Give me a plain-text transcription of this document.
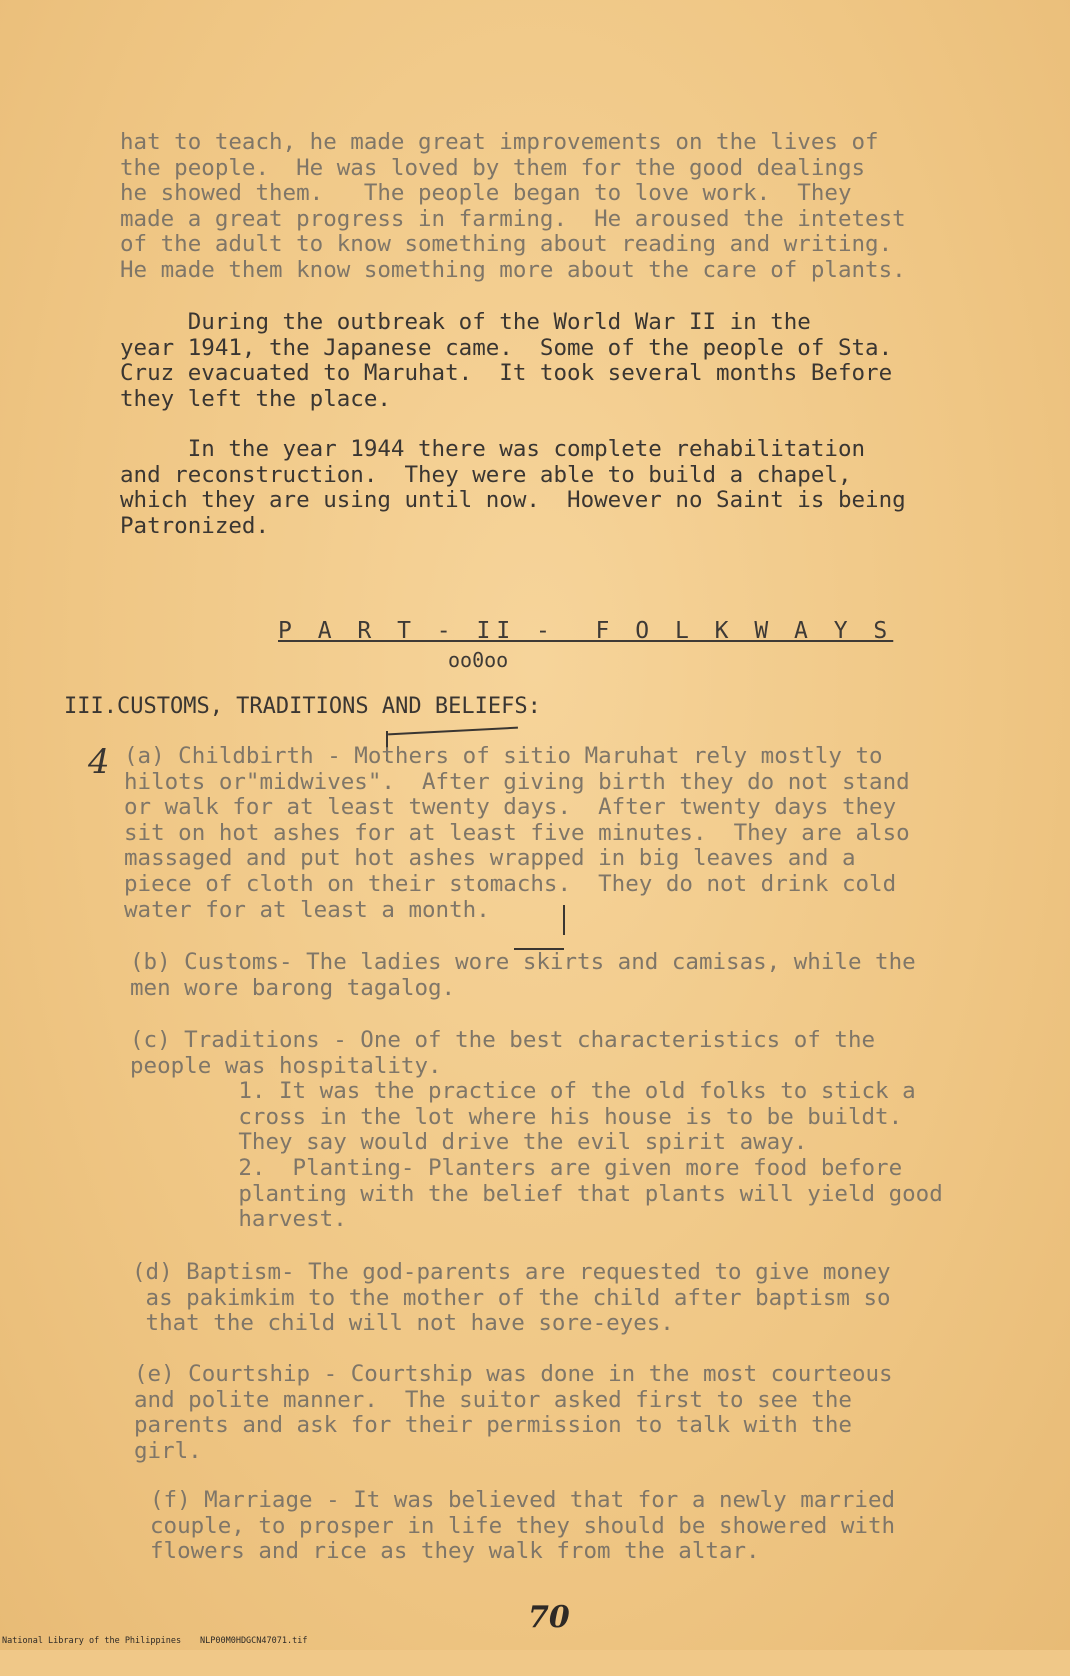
hat to teach, he made great improvements on the lives of
the people.  He was loved by them for the good dealings
he showed them.   The people began to love work.  They
made a great progress in farming.  He aroused the intetest
of the adult to know something about reading and writing.
He made them know something more about the care of plants.

During the outbreak of the World War II in the
year 1941, the Japanese came.  Some of the people of Sta.
Cruz evacuated to Maruhat.  It took several months Before
they left the place.

In the year 1944 there was complete rehabilitation
and reconstruction.  They were able to build a chapel,
which they are using until now.  However no Saint is being
Patronized.

P A R T - II -  F O L K W A Y S
oo0oo
III.CUSTOMS, TRADITIONS AND BELIEFS:
4 (a) Childbirth - Mothers of sitio Maruhat rely mostly to
hilots or"midwives".  After giving birth they do not stand
or walk for at least twenty days.  After twenty days they
sit on hot ashes for at least five minutes.  They are also
massaged and put hot ashes wrapped in big leaves and a
piece of cloth on their stomachs.  They do not drink cold
water for at least a month.

(b) Customs- The ladies wore skirts and camisas, while the
men wore barong tagalog.

(c) Traditions - One of the best characteristics of the
people was hospitality.
1. It was the practice of the old folks to stick a
cross in the lot where his house is to be buildt.
They say would drive the evil spirit away.
2.  Planting- Planters are given more food before
planting with the belief that plants will yield good
harvest.

(d) Baptism- The god-parents are requested to give money
as pakimkim to the mother of the child after baptism so
that the child will not have sore-eyes.

(e) Courtship - Courtship was done in the most courteous
and polite manner.  The suitor asked first to see the
parents and ask for their permission to talk with the
girl.

(f) Marriage - It was believed that for a newly married
couple, to prosper in life they should be showered with
flowers and rice as they walk from the altar.

70

National Library of the Philippines

NLP00M0HDGCN47071.tif
